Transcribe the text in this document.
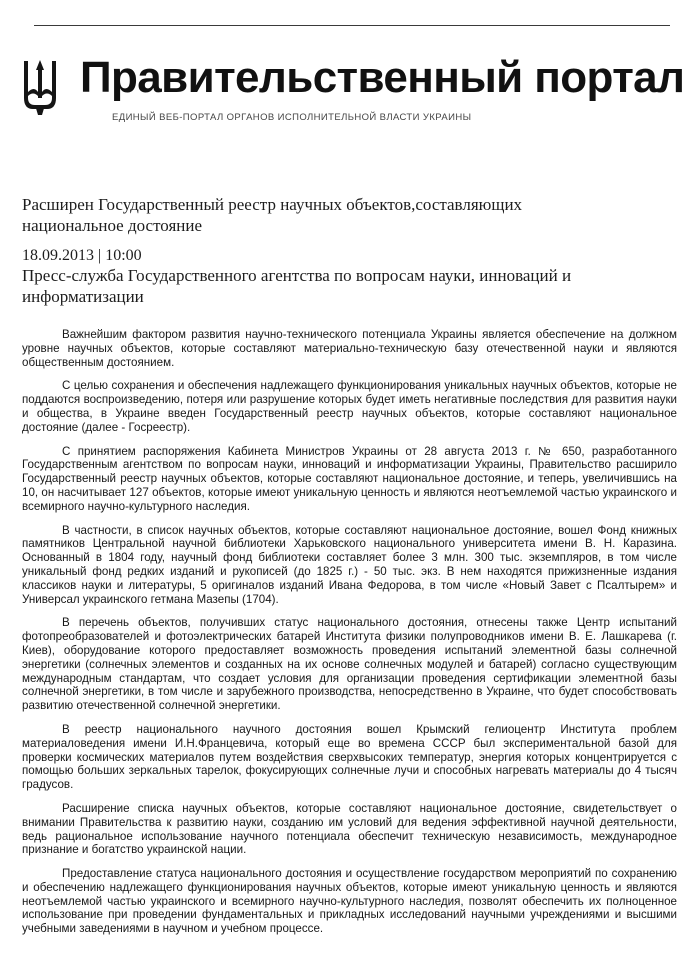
Правительственный портал
ЕДИНЫЙ ВЕБ-ПОРТАЛ ОРГАНОВ ИСПОЛНИТЕЛЬНОЙ ВЛАСТИ УКРАИНЫ
Расширен Государственный реестр научных объектов,составляющих национальное достояние
18.09.2013 | 10:00
Пресс-служба Государственного агентства по вопросам науки, инноваций и информатизации

Важнейшим фактором развития научно-технического потенциала Украины является обеспечение на должном уровне научных объектов, которые составляют материально-техническую базу отечественной науки и являются общественным достоянием.

С целью сохранения и обеспечения надлежащего функционирования уникальных научных объектов, которые не поддаются воспроизведению, потеря или разрушение которых будет иметь негативные последствия для развития науки и общества, в Украине введен Государственный реестр научных объектов, которые составляют национальное достояние (далее - Госреестр).

С принятием распоряжения Кабинета Министров Украины от 28 августа 2013 г. № 650, разработанного Государственным агентством по вопросам науки, инноваций и информатизации Украины, Правительство расширило Государственный реестр научных объектов, которые составляют национальное достояние, и теперь, увеличившись на 10, он насчитывает 127 объектов, которые имеют уникальную ценность и являются неотъемлемой частью украинского и всемирного научно-культурного наследия.

В частности, в список научных объектов, которые составляют национальное достояние, вошел Фонд книжных памятников Центральной научной библиотеки Харьковского национального университета имени В. Н. Каразина. Основанный в 1804 году, научный фонд библиотеки составляет более 3 млн. 300 тыс. экземпляров, в том числе уникальный фонд редких изданий и рукописей (до 1825 г.) - 50 тыс. экз. В нем находятся прижизненные издания классиков науки и литературы, 5 оригиналов изданий Ивана Федорова, в том числе «Новый Завет с Псалтырем» и Универсал украинского гетмана Мазепы (1704).

В перечень объектов, получивших статус национального достояния, отнесены также Центр испытаний фотопреобразователей и фотоэлектрических батарей Института физики полупроводников имени В. Е. Лашкарева (г. Киев), оборудование которого предоставляет возможность проведения испытаний элементной базы солнечной энергетики (солнечных элементов и созданных на их основе солнечных модулей и батарей) согласно существующим международным стандартам, что создает условия для организации проведения сертификации элементной базы солнечной энергетики, в том числе и зарубежного производства, непосредственно в Украине, что будет способствовать развитию отечественной солнечной энергетики.

В реестр национального научного достояния вошел Крымский гелиоцентр Института проблем материаловедения имени И.Н.Францевича, который еще во времена СССР был экспериментальной базой для проверки космических материалов путем воздействия сверхвысоких температур, энергия которых концентрируется с помощью больших зеркальных тарелок, фокусирующих солнечные лучи и способных нагревать материалы до 4 тысяч градусов.

Расширение списка научных объектов, которые составляют национальное достояние, свидетельствует о внимании Правительства к развитию науки, созданию им условий для ведения эффективной научной деятельности, ведь рациональное использование научного потенциала обеспечит техническую независимость, международное признание и богатство украинской нации.

Предоставление статуса национального достояния и осуществление государством мероприятий по сохранению и обеспечению надлежащего функционирования научных объектов, которые имеют уникальную ценность и являются неотъемлемой частью украинского и всемирного научно-культурного наследия, позволят обеспечить их полноценное использование при проведении фундаментальных и прикладных исследований научными учреждениями и высшими учебными заведениями в научном и учебном процессе.
